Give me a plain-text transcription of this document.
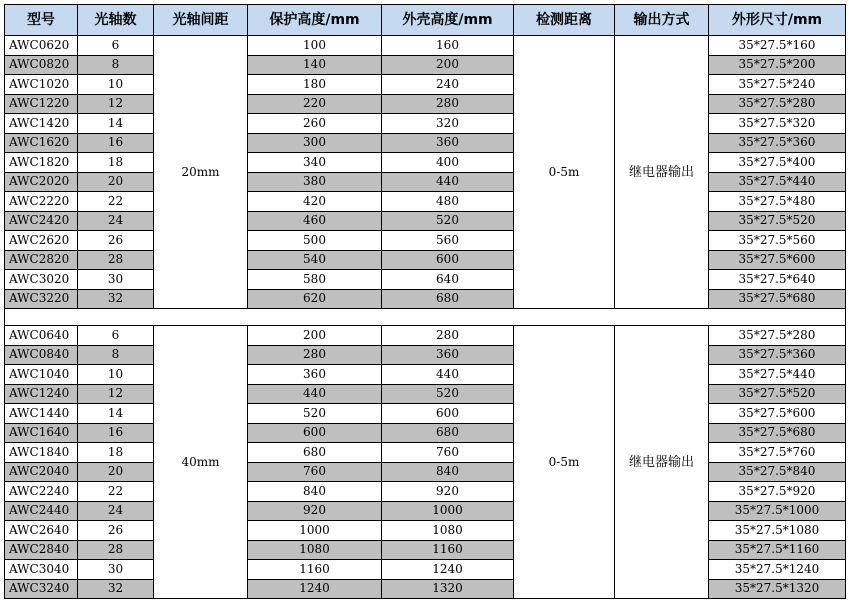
型号	光轴数	光轴间距	保护高度/mm	外壳高度/mm	检测距离	输出方式	外形尺寸/mm
AWC0620	6	20mm	100	160	0-5m	继电器输出	35*27.5*160
AWC0820	8		140	200			35*27.5*200
AWC1020	10		180	240			35*27.5*240
AWC1220	12		220	280			35*27.5*280
AWC1420	14		260	320			35*27.5*320
AWC1620	16		300	360			35*27.5*360
AWC1820	18		340	400			35*27.5*400
AWC2020	20		380	440			35*27.5*440
AWC2220	22		420	480			35*27.5*480
AWC2420	24		460	520			35*27.5*520
AWC2620	26		500	560			35*27.5*560
AWC2820	28		540	600			35*27.5*600
AWC3020	30		580	640			35*27.5*640
AWC3220	32		620	680			35*27.5*680

AWC0640	6	40mm	200	280	0-5m	继电器输出	35*27.5*280
AWC0840	8		280	360			35*27.5*360
AWC1040	10		360	440			35*27.5*440
AWC1240	12		440	520			35*27.5*520
AWC1440	14		520	600			35*27.5*600
AWC1640	16		600	680			35*27.5*680
AWC1840	18		680	760			35*27.5*760
AWC2040	20		760	840			35*27.5*840
AWC2240	22		840	920			35*27.5*920
AWC2440	24		920	1000			35*27.5*1000
AWC2640	26		1000	1080			35*27.5*1080
AWC2840	28		1080	1160			35*27.5*1160
AWC3040	30		1160	1240			35*27.5*1240
AWC3240	32		1240	1320			35*27.5*1320
